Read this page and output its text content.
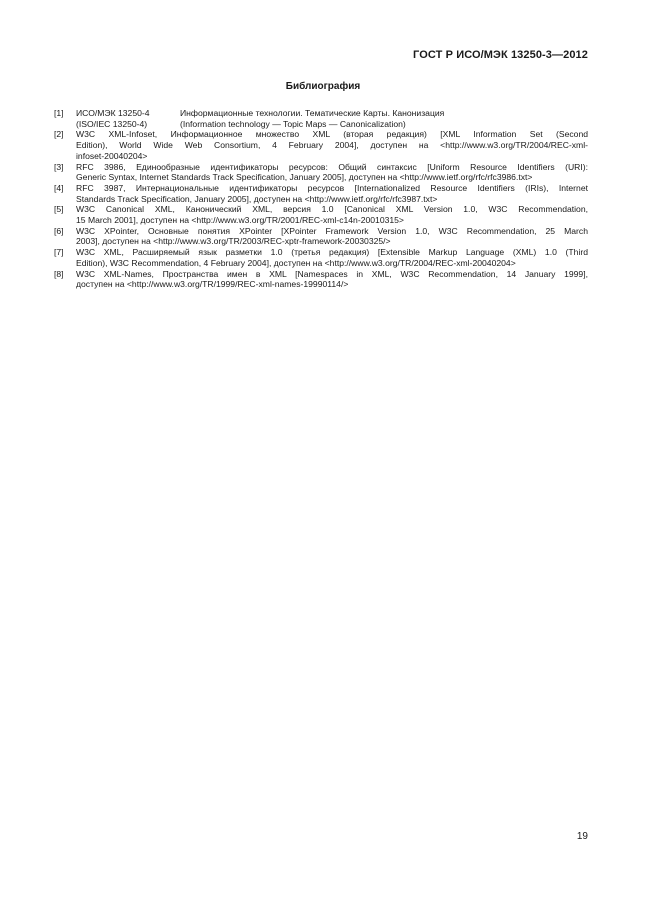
ГОСТ Р ИСО/МЭК 13250-3—2012
Библиография
[1]	ИСО/МЭК 13250-4	Информационные технологии. Тематические Карты. Канонизация
(ISO/IEC 13250-4)	(Information technology — Topic Maps — Canonicalization)
[2]	W3C XML-Infoset, Информационное множество XML (вторая редакция) [XML Information Set (Second
Edition), World Wide Web Consortium, 4 February 2004], доступен на <http://www.w3.org/TR/2004/REC-xml-
infoset-20040204>
[3]	RFC 3986, Единообразные идентификаторы ресурсов: Общий синтаксис [Uniform Resource Identifiers (URI):
Generic Syntax, Internet Standards Track Specification, January 2005], доступен на <http://www.ietf.org/rfc/rfc3986.txt>
[4]	RFC 3987, Интернациональные идентификаторы ресурсов [Internationalized Resource Identifiers (IRIs), Internet
Standards Track Specification, January 2005], доступен на <http://www.ietf.org/rfc/rfc3987.txt>
[5]	W3C Canonical XML, Канонический XML, версия 1.0 [Canonical XML Version 1.0, W3C Recommendation,
15 March 2001], доступен на <http://www.w3.org/TR/2001/REC-xml-c14n-20010315>
[6]	W3C XPointer, Основные понятия XPointer [XPointer Framework Version 1.0, W3C Recommendation, 25 March
2003], доступен на <http://www.w3.org/TR/2003/REC-xptr-framework-20030325/>
[7]	W3C XML, Расширяемый язык разметки 1.0 (третья редакция) [Extensible Markup Language (XML) 1.0 (Third
Edition), W3C Recommendation, 4 February 2004], доступен на <http://www.w3.org/TR/2004/REC-xml-20040204>
[8]	W3C XML-Names, Пространства имен в XML [Namespaces in XML, W3C Recommendation, 14 January 1999],
доступен на <http://www.w3.org/TR/1999/REC-xml-names-19990114/>
19
